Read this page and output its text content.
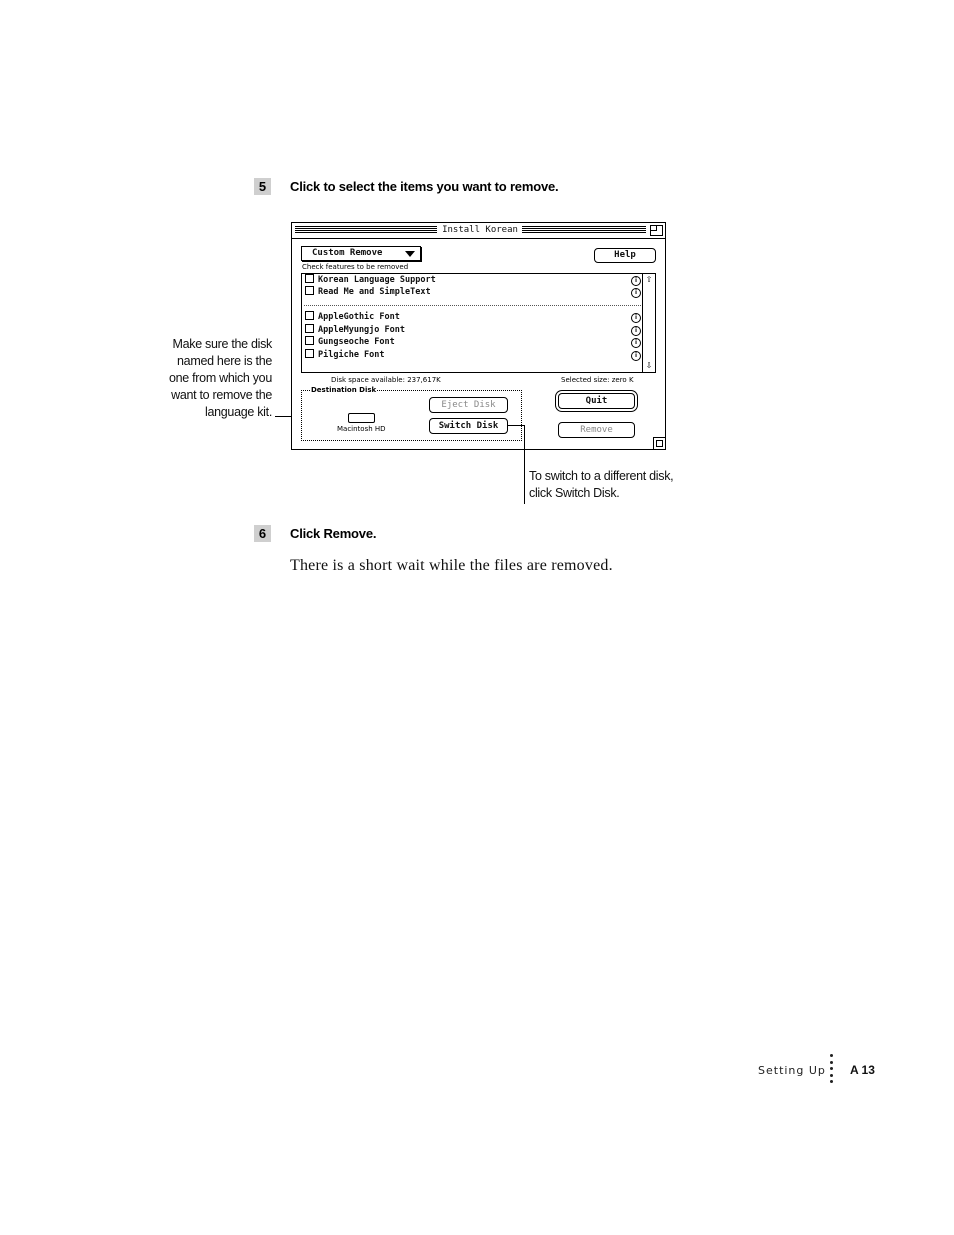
5	Click to select the items you want to remove.
Make sure the disk
named here is the
one from which you
want to remove the
language kit.
Install Korean
Custom Remove	Help
Check features to be removed
Korean Language Support	i
Read Me and SimpleText	i
AppleGothic Font	i
AppleMyungjo Font	i
Gungseoche Font	i
Pilgiche Font	i
⇧
⇩
Disk space available: 237,617K	Selected size: zero K
Destination Disk
Macintosh HD
Eject Disk
Switch Disk
Quit
Remove
To switch to a different disk,
click Switch Disk.
6	Click Remove.
There is a short wait while the files are removed.
Setting Up A 13
